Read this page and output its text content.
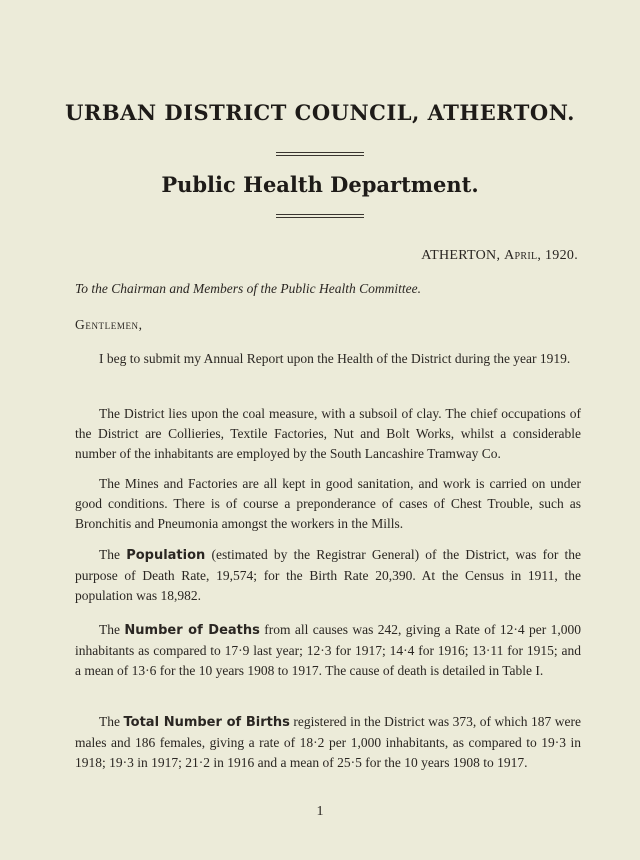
URBAN DISTRICT COUNCIL, ATHERTON.
Public Health Department.
ATHERTON, April, 1920.
To the Chairman and Members of the Public Health Committee.
Gentlemen,
I beg to submit my Annual Report upon the Health of the District during the year 1919.
The District lies upon the coal measure, with a subsoil of clay. The chief occupations of the District are Collieries, Textile Factories, Nut and Bolt Works, whilst a considerable number of the inhabitants are employed by the South Lancashire Tramway Co.
The Mines and Factories are all kept in good sanitation, and work is carried on under good conditions. There is of course a preponderance of cases of Chest Trouble, such as Bronchitis and Pneumonia amongst the workers in the Mills.
The Population (estimated by the Registrar General) of the District, was for the purpose of Death Rate, 19,574; for the Birth Rate 20,390. At the Census in 1911, the population was 18,982.
The Number of Deaths from all causes was 242, giving a Rate of 12·4 per 1,000 inhabitants as compared to 17·9 last year; 12·3 for 1917; 14·4 for 1916; 13·11 for 1915; and a mean of 13·6 for the 10 years 1908 to 1917. The cause of death is detailed in Table I.
The Total Number of Births registered in the District was 373, of which 187 were males and 186 females, giving a rate of 18·2 per 1,000 inhabitants, as compared to 19·3 in 1918; 19·3 in 1917; 21·2 in 1916 and a mean of 25·5 for the 10 years 1908 to 1917.
1
